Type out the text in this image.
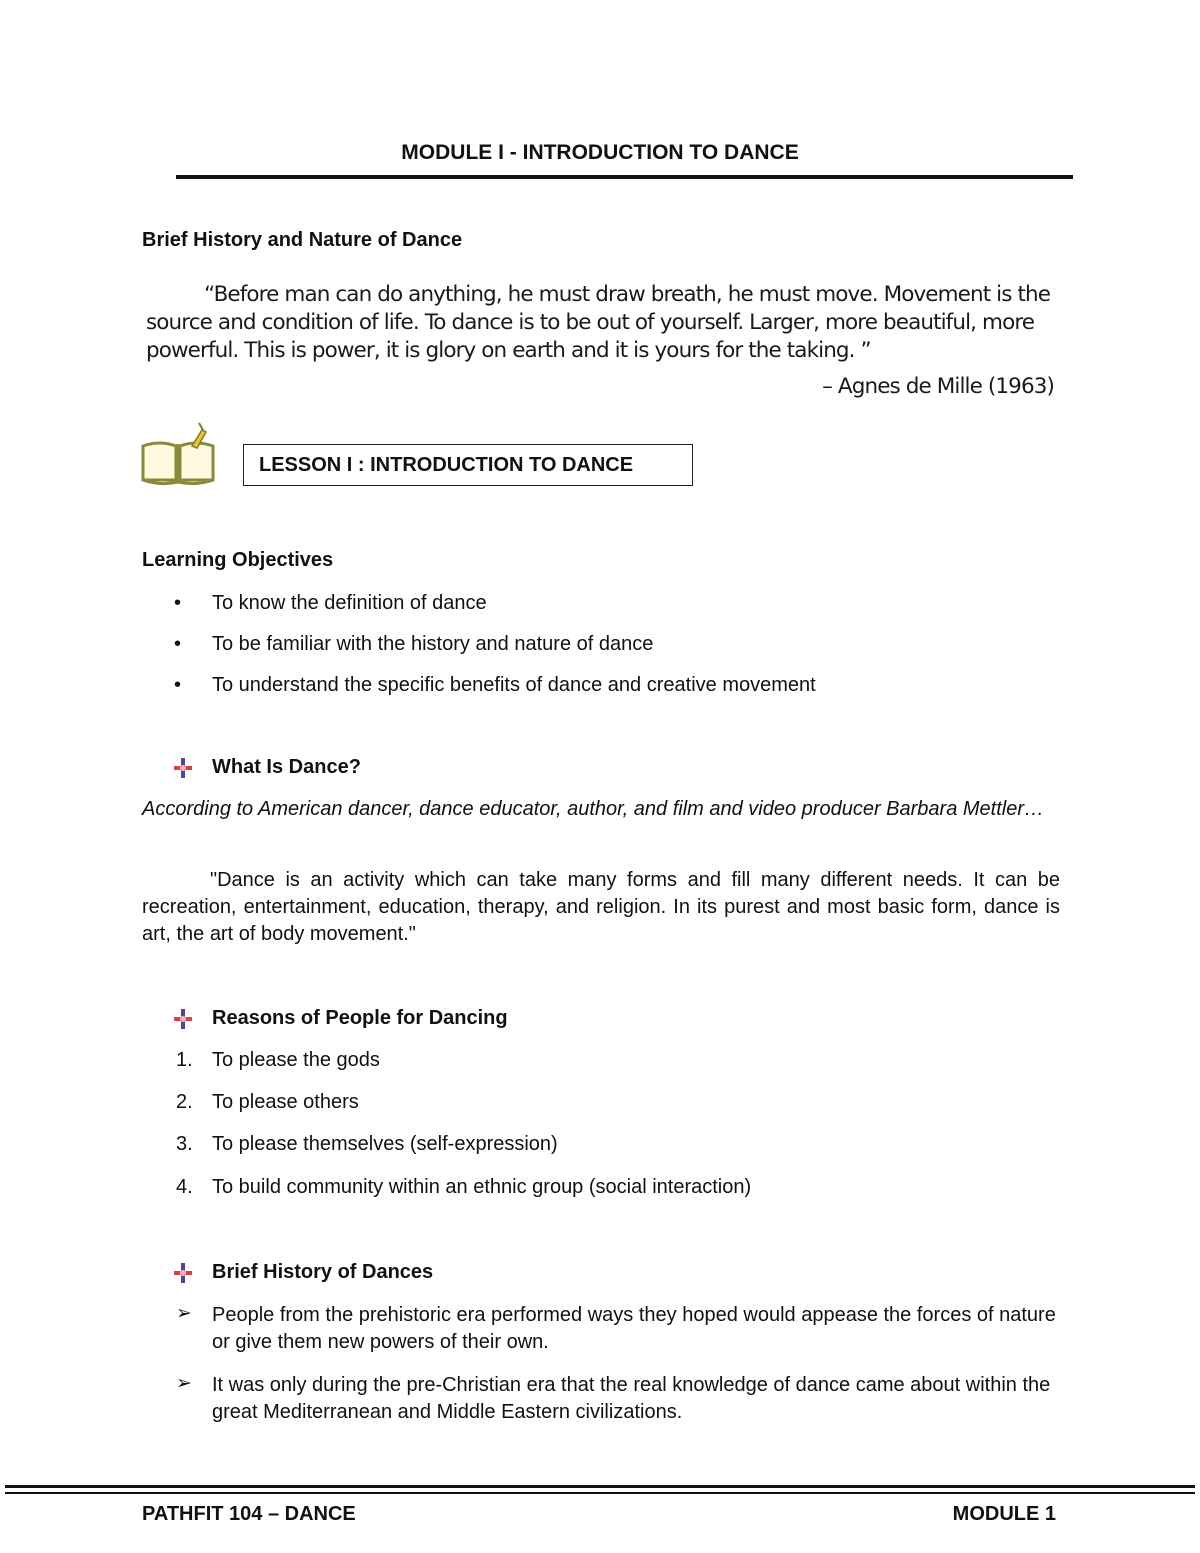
MODULE I - INTRODUCTION TO DANCE
Brief History and Nature of Dance
“Before man can do anything, he must draw breath, he must move. Movement is the source and condition of life. To dance is to be out of yourself. Larger, more beautiful, more powerful. This is power, it is glory on earth and it is yours for the taking. ”
– Agnes de Mille (1963)
LESSON I : INTRODUCTION TO DANCE
Learning Objectives
• To know the definition of dance
• To be familiar with the history and nature of dance
• To understand the specific benefits of dance and creative movement
What Is Dance?
According to American dancer, dance educator, author, and film and video producer Barbara Mettler…
"Dance is an activity which can take many forms and fill many different needs. It can be recreation, entertainment, education, therapy, and religion. In its purest and most basic form, dance is art, the art of body movement."
Reasons of People for Dancing
1. To please the gods
2. To please others
3. To please themselves (self-expression)
4. To build community within an ethnic group (social interaction)
Brief History of Dances
➢ People from the prehistoric era performed ways they hoped would appease the forces of nature or give them new powers of their own.
➢ It was only during the pre-Christian era that the real knowledge of dance came about within the great Mediterranean and Middle Eastern civilizations.
PATHFIT 104 – DANCE	MODULE 1
